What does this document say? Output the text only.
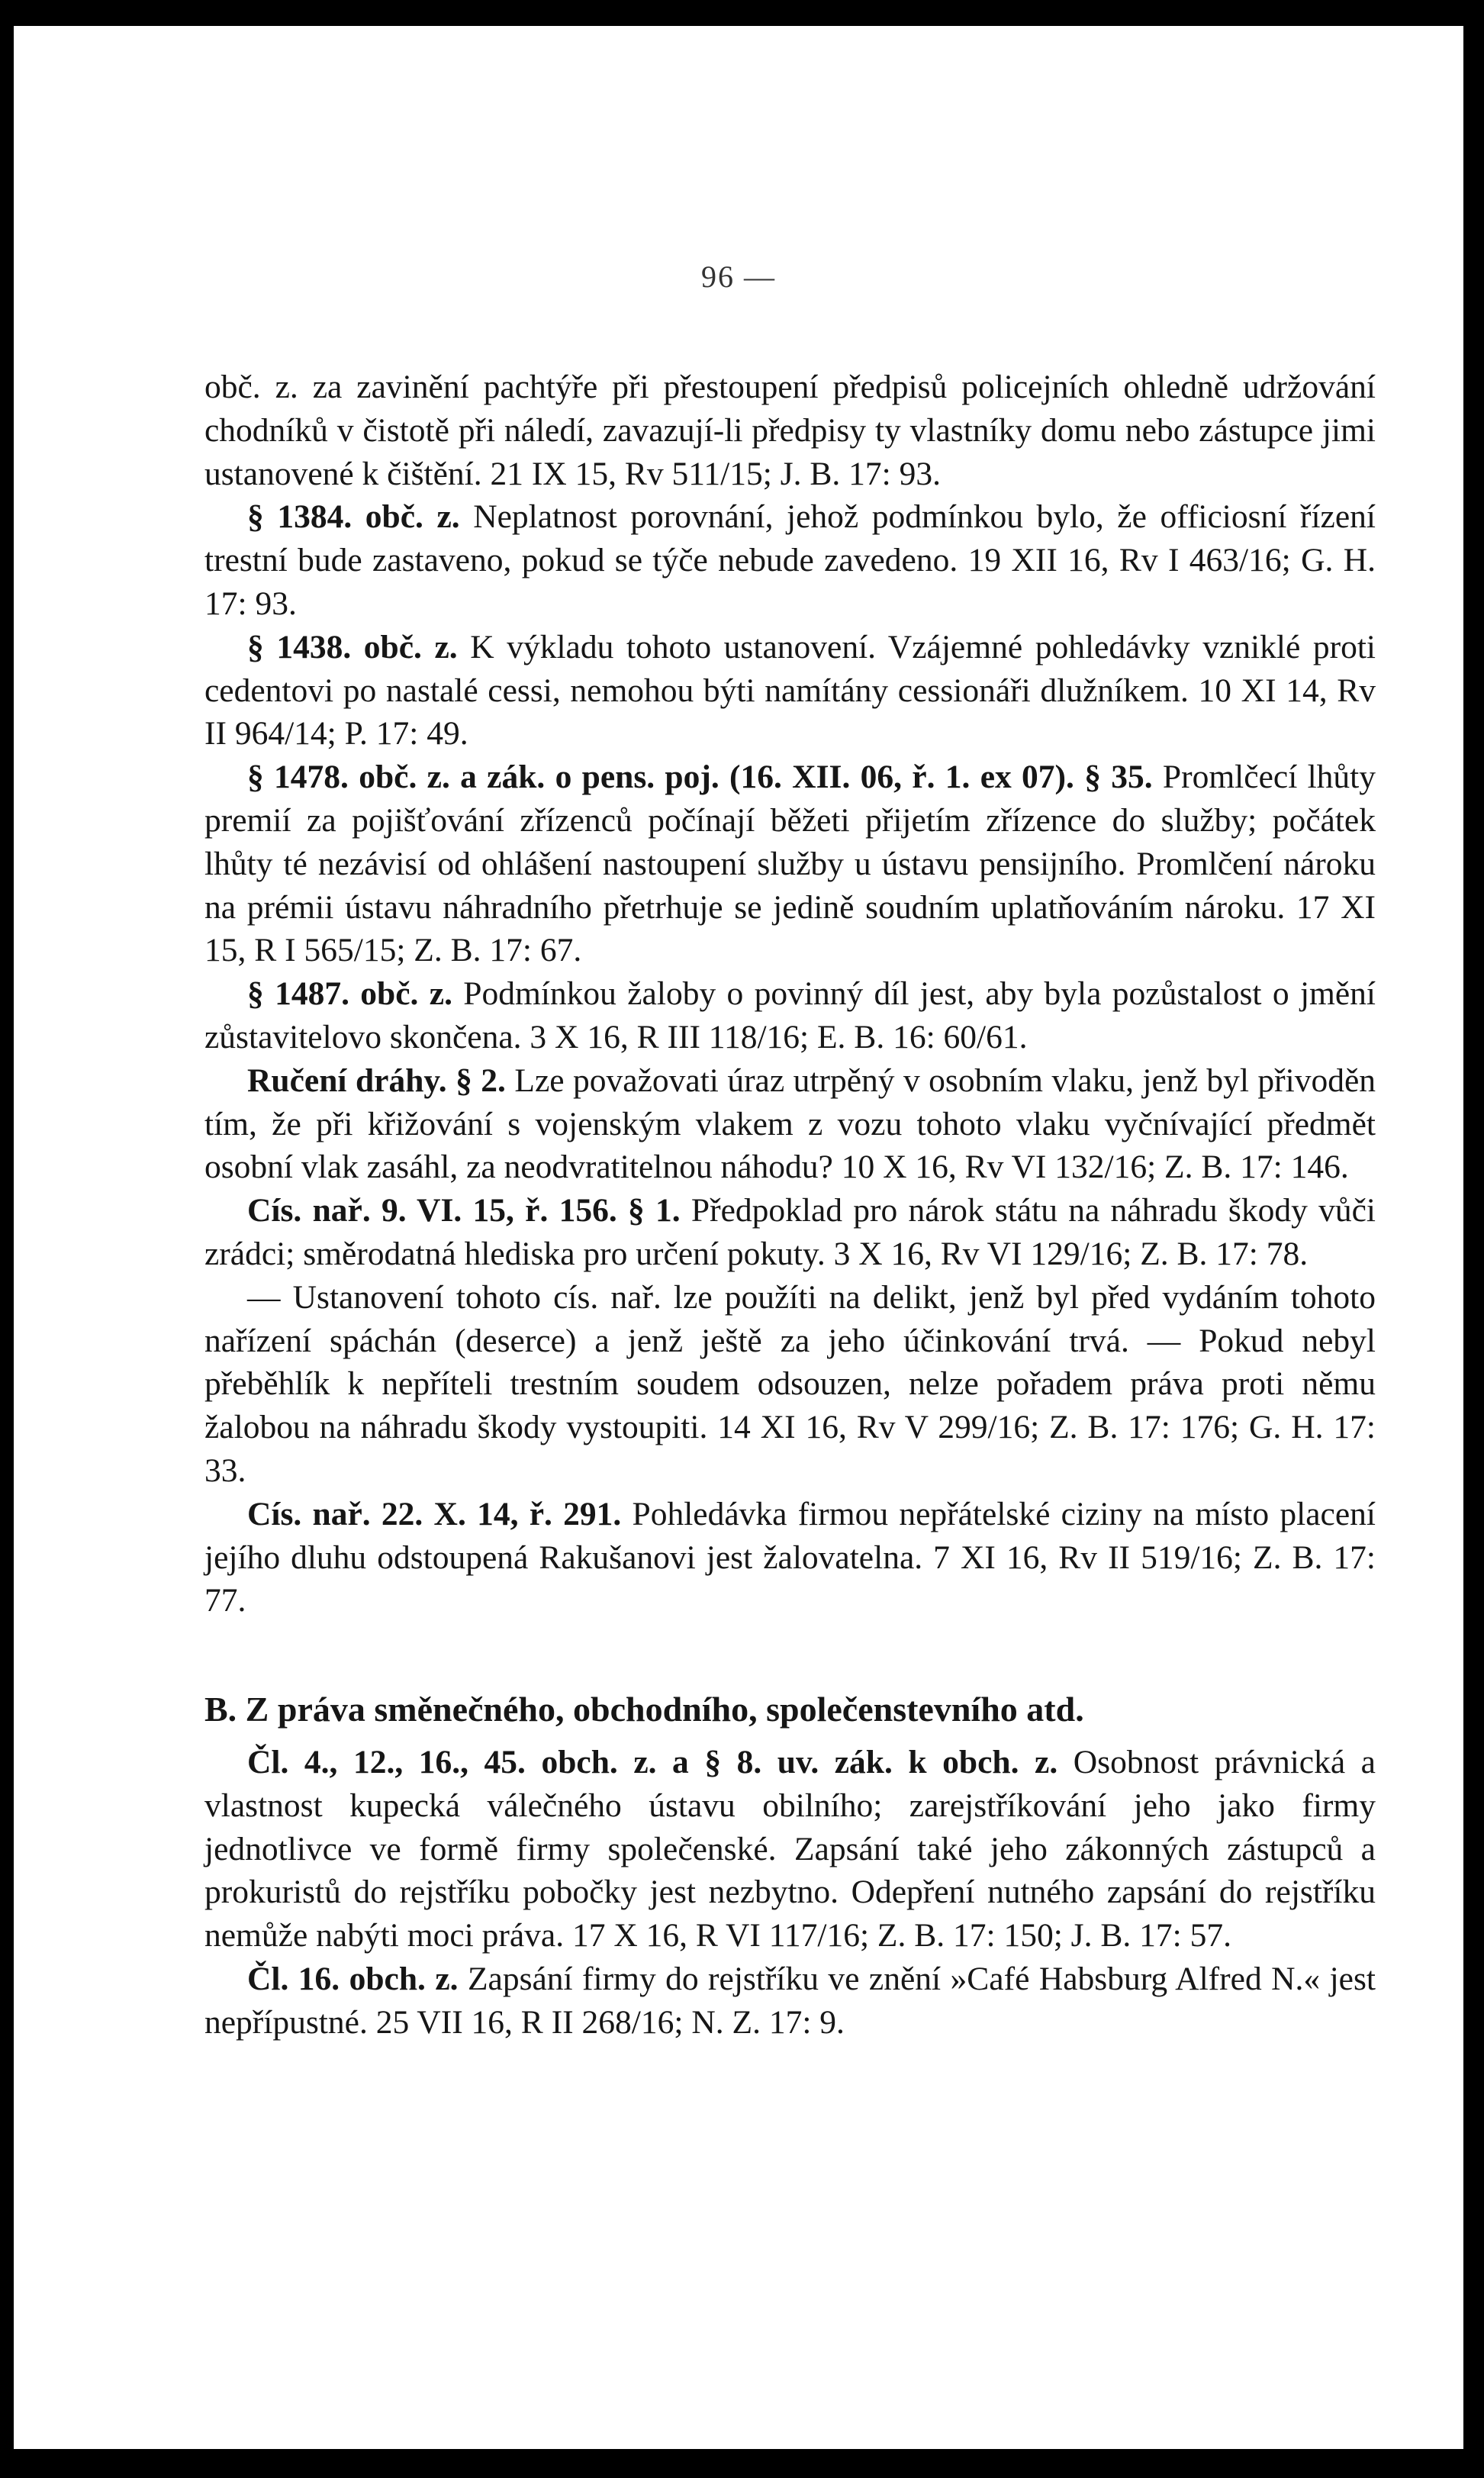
96 —

obč. z. za zavinění pachtýře při přestoupení předpisů policejních ohledně udržování chodníků v čistotě při náledí, zavazují-li předpisy ty vlastníky domu nebo zástupce jimi ustanovené k čištění. 21 IX 15, Rv 511/15; J. B. 17: 93.

§ 1384. obč. z. Neplatnost porovnání, jehož podmínkou bylo, že officiosní řízení trestní bude zastaveno, pokud se týče nebude zavedeno. 19 XII 16, Rv I 463/16; G. H. 17: 93.

§ 1438. obč. z. K výkladu tohoto ustanovení. Vzájemné pohledávky vzniklé proti cedentovi po nastalé cessi, nemohou býti namítány cessionáři dlužníkem. 10 XI 14, Rv II 964/14; P. 17: 49.

§ 1478. obč. z. a zák. o pens. poj. (16. XII. 06, ř. 1. ex 07). § 35. Promlčecí lhůty premií za pojišťování zřízenců počínají běžeti přijetím zřízence do služby; počátek lhůty té nezávisí od ohlášení nastoupení služby u ústavu pensijního. Promlčení nároku na prémii ústavu náhradního přetrhuje se jedině soudním uplatňováním nároku. 17 XI 15, R I 565/15; Z. B. 17: 67.

§ 1487. obč. z. Podmínkou žaloby o povinný díl jest, aby byla pozůstalost o jmění zůstavitelovo skončena. 3 X 16, R III 118/16; E. B. 16: 60/61.

Ručení dráhy. § 2. Lze považovati úraz utrpěný v osobním vlaku, jenž byl přivoděn tím, že při křižování s vojenským vlakem z vozu tohoto vlaku vyčnívající předmět osobní vlak zasáhl, za neodvratitelnou náhodu? 10 X 16, Rv VI 132/16; Z. B. 17: 146.

Cís. nař. 9. VI. 15, ř. 156. § 1. Předpoklad pro nárok státu na náhradu škody vůči zrádci; směrodatná hlediska pro určení pokuty. 3 X 16, Rv VI 129/16; Z. B. 17: 78.

— Ustanovení tohoto cís. nař. lze použíti na delikt, jenž byl před vydáním tohoto nařízení spáchán (deserce) a jenž ještě za jeho účinkování trvá. — Pokud nebyl přeběhlík k nepříteli trestním soudem odsouzen, nelze pořadem práva proti němu žalobou na náhradu škody vystoupiti. 14 XI 16, Rv V 299/16; Z. B. 17: 176; G. H. 17: 33.

Cís. nař. 22. X. 14, ř. 291. Pohledávka firmou nepřátelské ciziny na místo placení jejího dluhu odstoupená Rakušanovi jest žalovatelna. 7 XI 16, Rv II 519/16; Z. B. 17: 77.

B. Z práva směnečného, obchodního, společenstevního atd.

Čl. 4., 12., 16., 45. obch. z. a § 8. uv. zák. k obch. z. Osobnost právnická a vlastnost kupecká válečného ústavu obilního; zarejstříkování jeho jako firmy jednotlivce ve formě firmy společenské. Zapsání také jeho zákonných zástupců a prokuristů do rejstříku pobočky jest nezbytno. Odepření nutného zapsání do rejstříku nemůže nabýti moci práva. 17 X 16, R VI 117/16; Z. B. 17: 150; J. B. 17: 57.

Čl. 16. obch. z. Zapsání firmy do rejstříku ve znění »Café Habsburg Alfred N.« jest nepřípustné. 25 VII 16, R II 268/16; N. Z. 17: 9.
